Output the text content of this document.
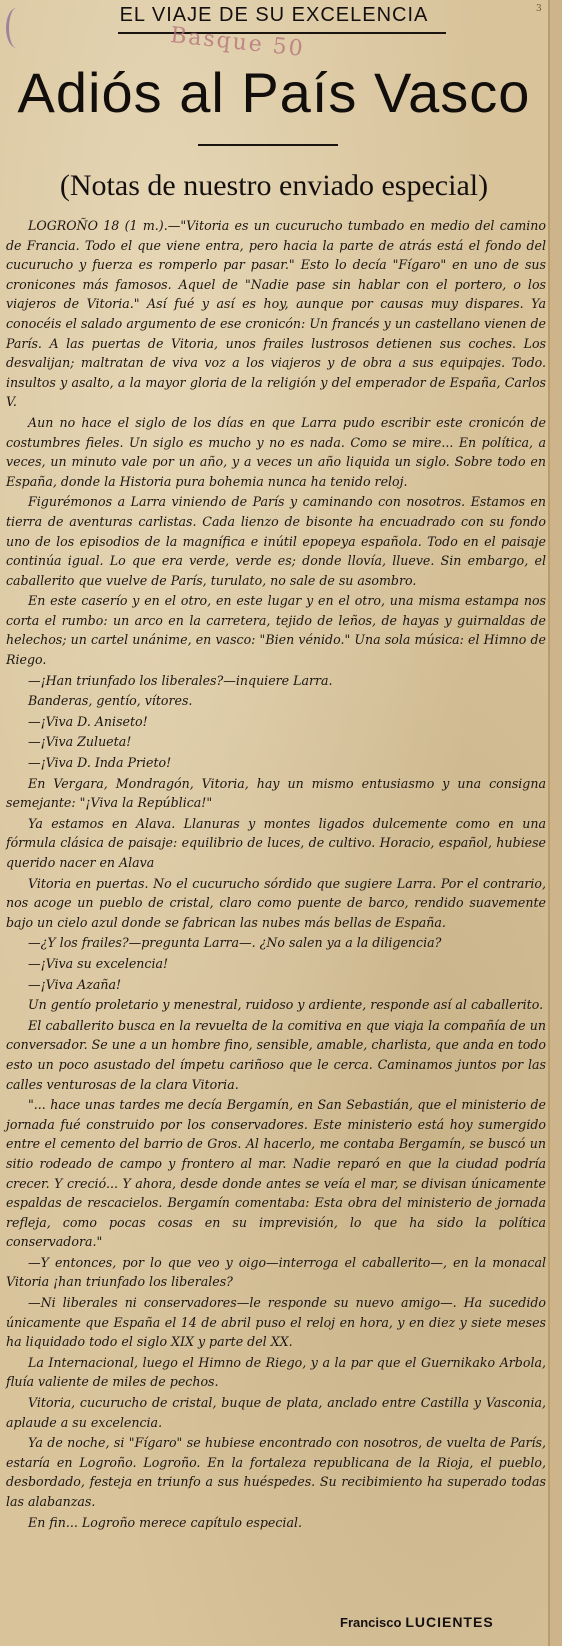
3
EL VIAJE DE SU EXCELENCIA
Basque 50
Adiós al País Vasco
(Notas de nuestro enviado especial)

LOGROÑO 18 (1 m.).—"Vitoria es un cucurucho tumbado en medio del camino de Francia. Todo el que viene entra, pero hacia la parte de atrás está el fondo del cucurucho y fuerza es romperlo par pasar." Esto lo decía "Fígaro" en uno de sus cronicones más famosos. Aquel de "Nadie pase sin hablar con el portero, o los viajeros de Vitoria." Así fué y así es hoy, aunque por causas muy dispares. Ya conocéis el salado argumento de ese cronicón: Un francés y un castellano vienen de París. A las puertas de Vitoria, unos frailes lustrosos detienen sus coches. Los desvalijan; maltratan de viva voz a los viajeros y de obra a sus equipajes. Todo. insultos y asalto, a la mayor gloria de la religión y del emperador de España, Carlos V.

Aun no hace el siglo de los días en que Larra pudo escribir este cronicón de costumbres fieles. Un siglo es mucho y no es nada. Como se mire... En política, a veces, un minuto vale por un año, y a veces un año liquida un siglo. Sobre todo en España, donde la Historia pura bohemia nunca ha tenido reloj.

Figurémonos a Larra viniendo de París y caminando con nosotros. Estamos en tierra de aventuras carlistas. Cada lienzo de bisonte ha encuadrado con su fondo uno de los episodios de la magnífica e inútil epopeya española. Todo en el paisaje continúa igual. Lo que era verde, verde es; donde llovía, llueve. Sin embargo, el caballerito que vuelve de París, turulato, no sale de su asombro.

En este caserío y en el otro, en este lugar y en el otro, una misma estampa nos corta el rumbo: un arco en la carretera, tejido de leños, de hayas y guirnaldas de helechos; un cartel unánime, en vasco: "Bien vénido." Una sola música: el Himno de Riego.

—¡Han triunfado los liberales?—inquiere Larra.

Banderas, gentío, vítores.

—¡Viva D. Aniseto!

—¡Viva Zulueta!

—¡Viva D. Inda Prieto!

En Vergara, Mondragón, Vitoria, hay un mismo entusiasmo y una consigna semejante: "¡Viva la República!"

Ya estamos en Alava. Llanuras y montes ligados dulcemente como en una fórmula clásica de paisaje: equilibrio de luces, de cultivo. Horacio, español, hubiese querido nacer en Alava

Vitoria en puertas. No el cucurucho sórdido que sugiere Larra. Por el contrario, nos acoge un pueblo de cristal, claro como puente de barco, rendido suavemente bajo un cielo azul donde se fabrican las nubes más bellas de España.

—¿Y los frailes?—pregunta Larra—. ¿No salen ya a la diligencia?

—¡Viva su excelencia!

—¡Viva Azaña!

Un gentío proletario y menestral, ruidoso y ardiente, responde así al caballerito.

El caballerito busca en la revuelta de la comitiva en que viaja la compañía de un conversador. Se une a un hombre fino, sensible, amable, charlista, que anda en todo esto un poco asustado del ímpetu cariñoso que le cerca. Caminamos juntos por las calles venturosas de la clara Vitoria.

"... hace unas tardes me decía Bergamín, en San Sebastián, que el ministerio de jornada fué construido por los conservadores. Este ministerio está hoy sumergido entre el cemento del barrio de Gros. Al hacerlo, me contaba Bergamín, se buscó un sitio rodeado de campo y frontero al mar. Nadie reparó en que la ciudad podría crecer. Y creció... Y ahora, desde donde antes se veía el mar, se divisan únicamente espaldas de rescacielos. Bergamín comentaba: Esta obra del ministerio de jornada refleja, como pocas cosas en su imprevisión, lo que ha sido la política conservadora."

—Y entonces, por lo que veo y oigo—interroga el caballerito—, en la monacal Vitoria ¡han triunfado los liberales?

—Ni liberales ni conservadores—le responde su nuevo amigo—. Ha sucedido únicamente que España el 14 de abril puso el reloj en hora, y en diez y siete meses ha liquidado todo el siglo XIX y parte del XX.

La Internacional, luego el Himno de Riego, y a la par que el Guernikako Arbola, fluía valiente de miles de pechos.

Vitoria, cucurucho de cristal, buque de plata, anclado entre Castilla y Vasconia, aplaude a su excelencia.

Ya de noche, si "Fígaro" se hubiese encontrado con nosotros, de vuelta de París, estaría en Logroño. Logroño. En la fortaleza republicana de la Rioja, el pueblo, desbordado, festeja en triunfo a sus huéspedes. Su recibimiento ha superado todas las alabanzas.

En fin... Logroño merece capítulo especial.

Francisco LUCIENTES
